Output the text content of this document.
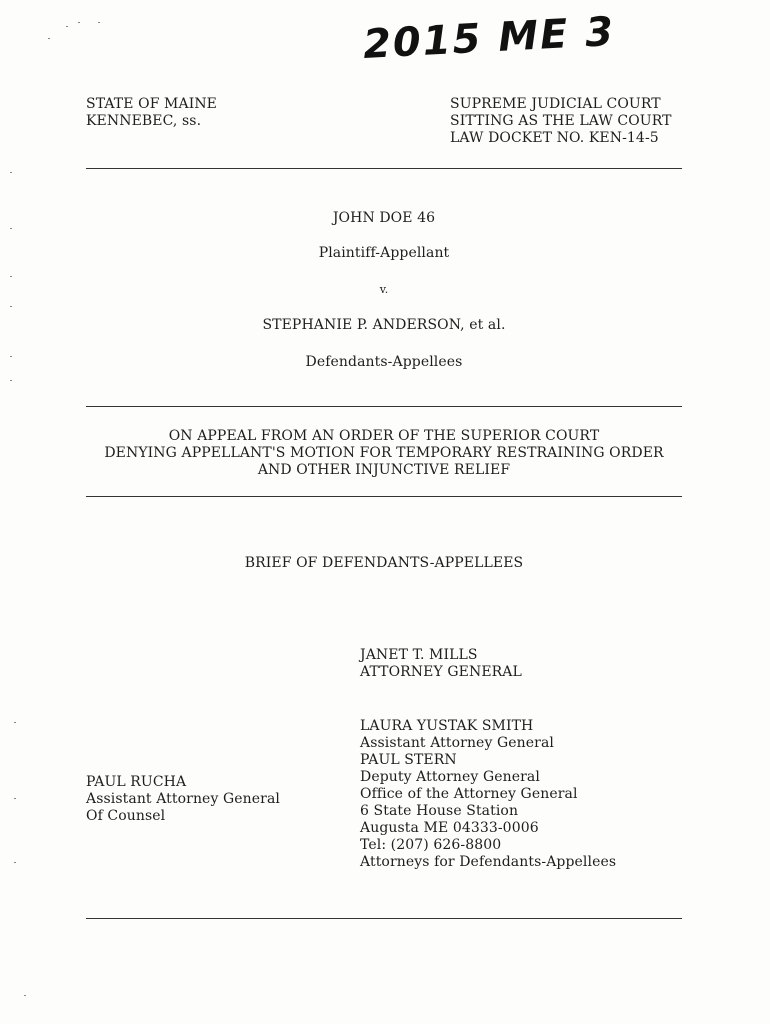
2015 ME 3
STATE OF MAINE
KENNEBEC, ss.
SUPREME JUDICIAL COURT
SITTING AS THE LAW COURT
LAW DOCKET NO. KEN-14-5
JOHN DOE 46
Plaintiff-Appellant
v.
STEPHANIE P. ANDERSON, et al.
Defendants-Appellees
ON APPEAL FROM AN ORDER OF THE SUPERIOR COURT
DENYING APPELLANT'S MOTION FOR TEMPORARY RESTRAINING ORDER
AND OTHER INJUNCTIVE RELIEF
BRIEF OF DEFENDANTS-APPELLEES
JANET T. MILLS
ATTORNEY GENERAL
LAURA YUSTAK SMITH
Assistant Attorney General
PAUL STERN
Deputy Attorney General
Office of the Attorney General
6 State House Station
Augusta ME 04333-0006
Tel: (207) 626-8800
Attorneys for Defendants-Appellees
PAUL RUCHA
Assistant Attorney General
Of Counsel
